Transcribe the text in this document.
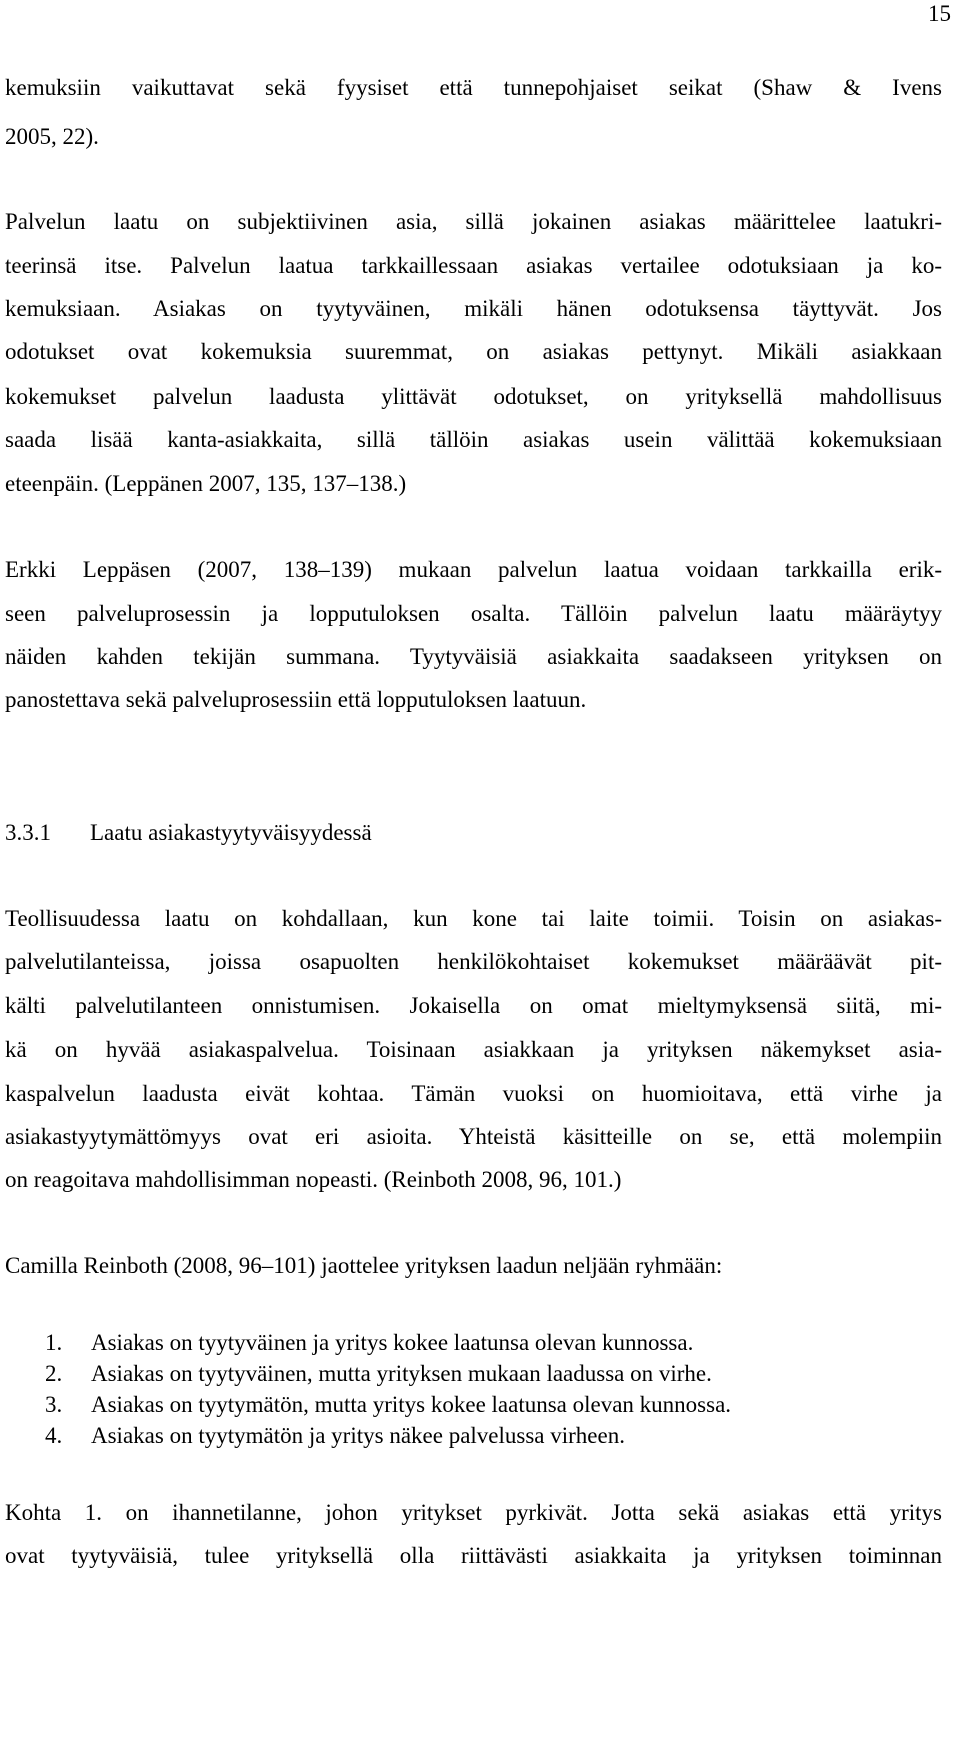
15
kemuksiin vaikuttavat sekä fyysiset että tunnepohjaiset seikat (Shaw & Ivens
2005, 22).
Palvelun laatu on subjektiivinen asia, sillä jokainen asiakas määrittelee laatukri-
teerinsä itse. Palvelun laatua tarkkaillessaan asiakas vertailee odotuksiaan ja ko-
kemuksiaan. Asiakas on tyytyväinen, mikäli hänen odotuksensa täyttyvät. Jos
odotukset ovat kokemuksia suuremmat, on asiakas pettynyt. Mikäli asiakkaan
kokemukset palvelun laadusta ylittävät odotukset, on yrityksellä mahdollisuus
saada lisää kanta-asiakkaita, sillä tällöin asiakas usein välittää kokemuksiaan
eteenpäin. (Leppänen 2007, 135, 137–138.)
Erkki Leppäsen (2007, 138–139) mukaan palvelun laatua voidaan tarkkailla erik-
seen palveluprosessin ja lopputuloksen osalta. Tällöin palvelun laatu määräytyy
näiden kahden tekijän summana. Tyytyväisiä asiakkaita saadakseen yrityksen on
panostettava sekä palveluprosessiin että lopputuloksen laatuun.
3.3.1 Laatu asiakastyytyväisyydessä
Teollisuudessa laatu on kohdallaan, kun kone tai laite toimii. Toisin on asiakas-
palvelutilanteissa, joissa osapuolten henkilökohtaiset kokemukset määräävät pit-
kälti palvelutilanteen onnistumisen. Jokaisella on omat mieltymyksensä siitä, mi-
kä on hyvää asiakaspalvelua. Toisinaan asiakkaan ja yrityksen näkemykset asia-
kaspalvelun laadusta eivät kohtaa. Tämän vuoksi on huomioitava, että virhe ja
asiakastyytymättömyys ovat eri asioita. Yhteistä käsitteille on se, että molempiin
on reagoitava mahdollisimman nopeasti. (Reinboth 2008, 96, 101.)
Camilla Reinboth (2008, 96–101) jaottelee yrityksen laadun neljään ryhmään:
1. Asiakas on tyytyväinen ja yritys kokee laatunsa olevan kunnossa.
2. Asiakas on tyytyväinen, mutta yrityksen mukaan laadussa on virhe.
3. Asiakas on tyytymätön, mutta yritys kokee laatunsa olevan kunnossa.
4. Asiakas on tyytymätön ja yritys näkee palvelussa virheen.
Kohta 1. on ihannetilanne, johon yritykset pyrkivät. Jotta sekä asiakas että yritys
ovat tyytyväisiä, tulee yrityksellä olla riittävästi asiakkaita ja yrityksen toiminnan
